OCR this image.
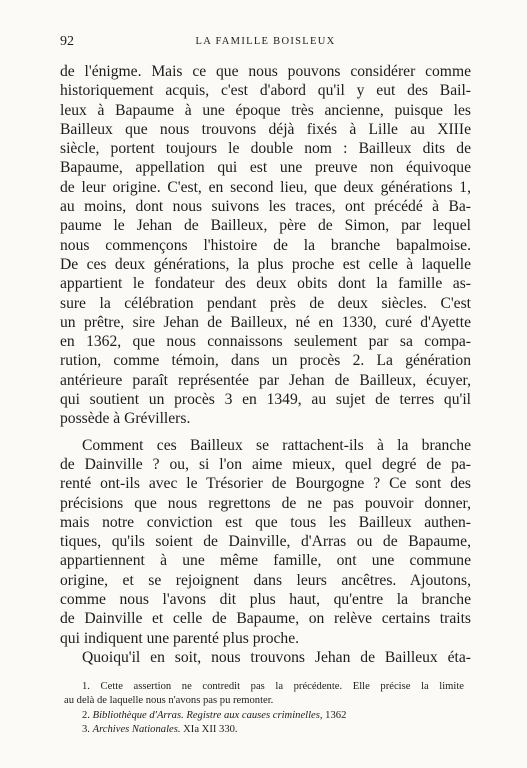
92	LA FAMILLE BOISLEUX
de l'énigme. Mais ce que nous pouvons considérer comme
historiquement acquis, c'est d'abord qu'il y eut des Bail-
leux à Bapaume à une époque très ancienne, puisque les
Bailleux que nous trouvons déjà fixés à Lille au XIIIe
siècle, portent toujours le double nom : Bailleux dits de
Bapaume, appellation qui est une preuve non équivoque
de leur origine. C'est, en second lieu, que deux générations 1,
au moins, dont nous suivons les traces, ont précédé à Ba-
paume le Jehan de Bailleux, père de Simon, par lequel
nous commençons l'histoire de la branche bapalmoise.
De ces deux générations, la plus proche est celle à laquelle
appartient le fondateur des deux obits dont la famille as-
sure la célébration pendant près de deux siècles. C'est
un prêtre, sire Jehan de Bailleux, né en 1330, curé d'Ayette
en 1362, que nous connaissons seulement par sa compa-
rution, comme témoin, dans un procès 2. La génération
antérieure paraît représentée par Jehan de Bailleux, écuyer,
qui soutient un procès 3 en 1349, au sujet de terres qu'il
possède à Grévillers.
Comment ces Bailleux se rattachent-ils à la branche
de Dainville ? ou, si l'on aime mieux, quel degré de pa-
renté ont-ils avec le Trésorier de Bourgogne ? Ce sont des
précisions que nous regrettons de ne pas pouvoir donner,
mais notre conviction est que tous les Bailleux authen-
tiques, qu'ils soient de Dainville, d'Arras ou de Bapaume,
appartiennent à une même famille, ont une commune
origine, et se rejoignent dans leurs ancêtres. Ajoutons,
comme nous l'avons dit plus haut, qu'entre la branche
de Dainville et celle de Bapaume, on relève certains traits
qui indiquent une parenté plus proche.
Quoiqu'il en soit, nous trouvons Jehan de Bailleux éta-
1. Cette assertion ne contredit pas la précédente. Elle précise la limite
au delà de laquelle nous n'avons pas pu remonter.
2. Bibliothèque d'Arras. Registre aux causes criminelles, 1362
3. Archives Nationales. XIa XII 330.
